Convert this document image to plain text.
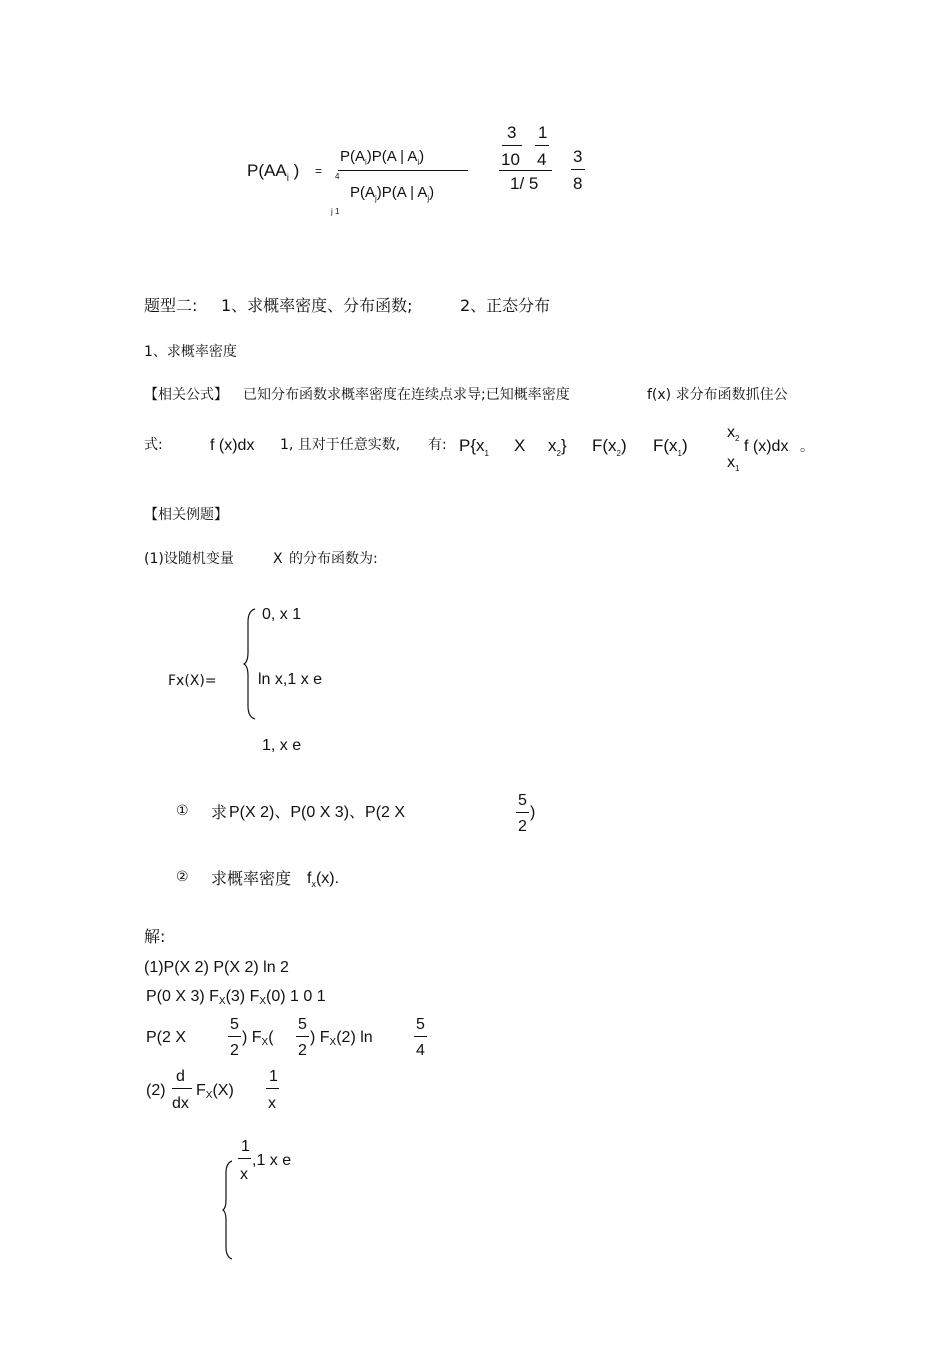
$P(AA_i$ ) =
$P(A_i)P(A$ | $A_i$)
4
$P(A_j)P(A$ | $A_j$)
j 1
3
10
1
4
1/ 5
3
8
题型二: 1、求概率密度、分布函数;	2、正态分布
1、求概率密度
【相关公式】 已知分布函数求概率密度在连续点求导;已知概率密度	f(x) 求分布函数抓住公
式:	f (x)dx 1, 且对于任意实数, 有: $P\{x_1$ X $x_2$} $F(x_2)$ $F(x_1)$
$x_2$
$x_1$
f (x)dx 。
【相关例题】
(1)设随机变量	X 的分布函数为:
Fx(X)=
0, x 1
ln x,1 x e
1, x e
① 求 P(X 2)、P(0 X 3)、P(2 X
5
2
)
② 求概率密度 $f_x(x)$.
解:
(1)P(X 2) P(X 2) ln 2
P(0 X 3) FX(3) FX(0) 1 0 1
P(2 X
5
2
) FX(
5
2
) FX(2) ln
5
4
(2)
d
dx
FX(X)
1
x
1
x
,1 x e
